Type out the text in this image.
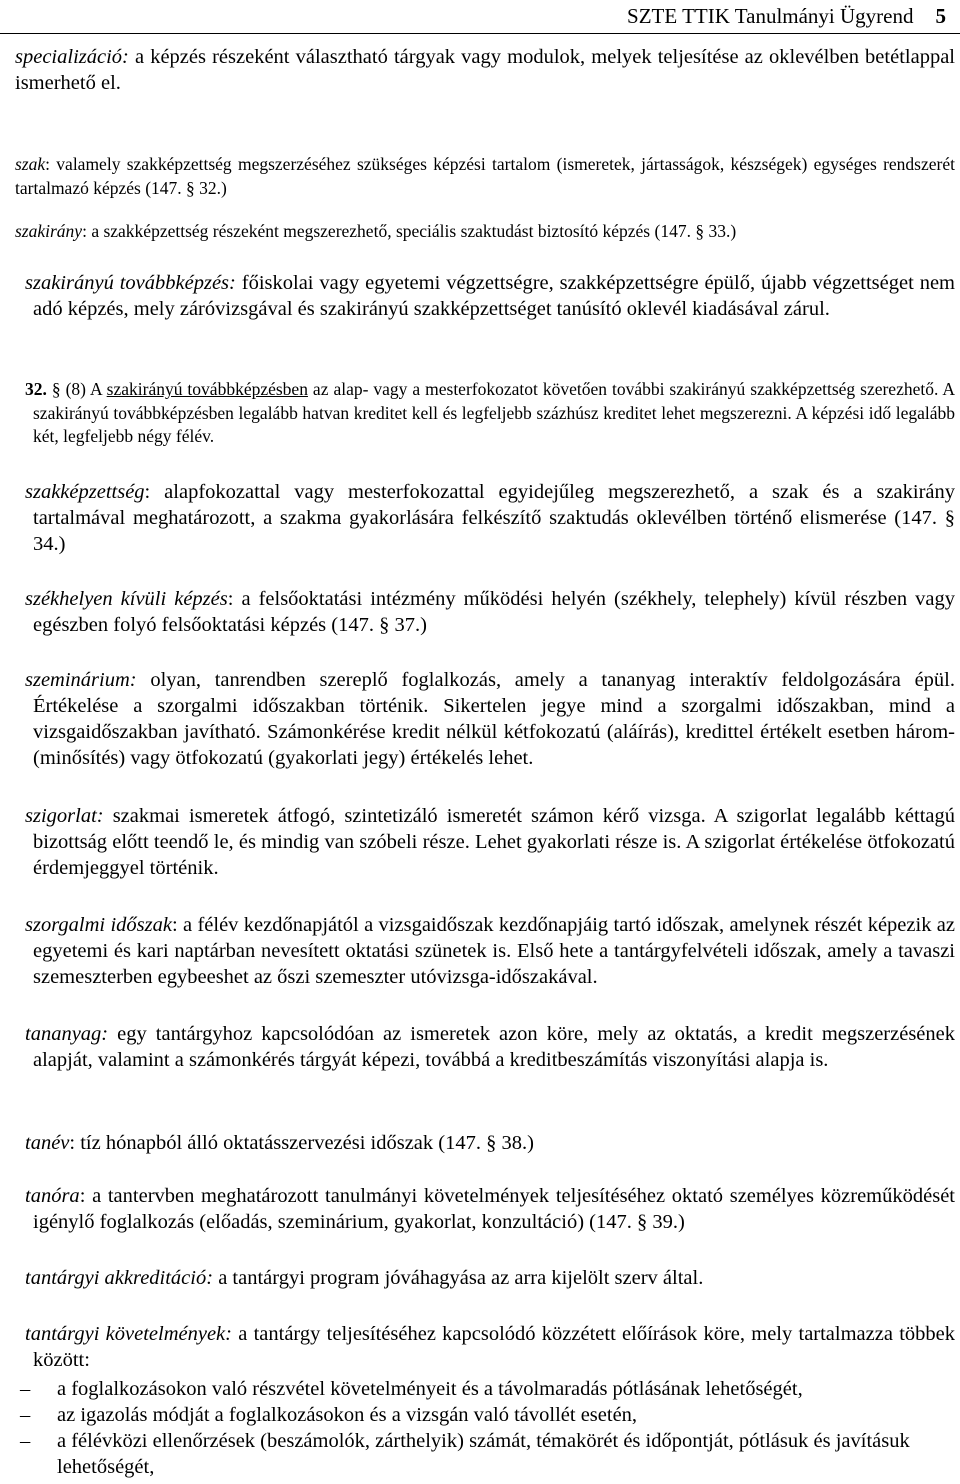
SZTE TTIK Tanulmányi Ügyrend 5
specializáció: a képzés részeként választható tárgyak vagy modulok, melyek teljesítése az oklevélben betétlappal ismerhető el.
szak: valamely szakképzettség megszerzéséhez szükséges képzési tartalom (ismeretek, jártasságok, készségek) egységes rendszerét tartalmazó képzés (147. § 32.)
szakirány: a szakképzettség részeként megszerezhető, speciális szaktudást biztosító képzés (147. § 33.)
szakirányú továbbképzés: főiskolai vagy egyetemi végzettségre, szakképzettségre épülő, újabb végzettséget nem adó képzés, mely záróvizsgával és szakirányú szakképzettséget tanúsító oklevél kiadásával zárul.
32. § (8) A szakirányú továbbképzésben az alap- vagy a mesterfokozatot követően további szakirányú szakképzettség szerezhető. A szakirányú továbbképzésben legalább hatvan kreditet kell és legfeljebb százhúsz kreditet lehet megszerezni. A képzési idő legalább két, legfeljebb négy félév.
szakképzettség: alapfokozattal vagy mesterfokozattal egyidejűleg megszerezhető, a szak és a szakirány tartalmával meghatározott, a szakma gyakorlására felkészítő szaktudás oklevélben történő elismerése (147. § 34.)
székhelyen kívüli képzés: a felsőoktatási intézmény működési helyén (székhely, telephely) kívül részben vagy egészben folyó felsőoktatási képzés (147. § 37.)
szeminárium: olyan, tanrendben szereplő foglalkozás, amely a tananyag interaktív feldolgozására épül. Értékelése a szorgalmi időszakban történik. Sikertelen jegye mind a szorgalmi időszakban, mind a vizsgaidőszakban javítható. Számonkérése kredit nélkül kétfokozatú (aláírás), kredittel értékelt esetben három- (minősítés) vagy ötfokozatú (gyakorlati jegy) értékelés lehet.
szigorlat: szakmai ismeretek átfogó, szintetizáló ismeretét számon kérő vizsga. A szigorlat legalább kéttagú bizottság előtt teendő le, és mindig van szóbeli része. Lehet gyakorlati része is. A szigorlat értékelése ötfokozatú érdemjeggyel történik.
szorgalmi időszak: a félév kezdőnapjától a vizsgaidőszak kezdőnapjáig tartó időszak, amelynek részét képezik az egyetemi és kari naptárban nevesített oktatási szünetek is. Első hete a tantárgyfelvételi időszak, amely a tavaszi szemeszterben egybeeshet az őszi szemeszter utóvizsga-időszakával.
tananyag: egy tantárgyhoz kapcsolódóan az ismeretek azon köre, mely az oktatás, a kredit megszerzésének alapját, valamint a számonkérés tárgyát képezi, továbbá a kreditbeszámítás viszonyítási alapja is.
tanév: tíz hónapból álló oktatásszervezési időszak (147. § 38.)
tanóra: a tantervben meghatározott tanulmányi követelmények teljesítéséhez oktató személyes közreműködését igénylő foglalkozás (előadás, szeminárium, gyakorlat, konzultáció) (147. § 39.)
tantárgyi akkreditáció: a tantárgyi program jóváhagyása az arra kijelölt szerv által.
tantárgyi követelmények: a tantárgy teljesítéséhez kapcsolódó közzétett előírások köre, mely tartalmazza többek között:
– a foglalkozásokon való részvétel követelményeit és a távolmaradás pótlásának lehetőségét,
– az igazolás módját a foglalkozásokon és a vizsgán való távollét esetén,
– a félévközi ellenőrzések (beszámolók, zárthelyik) számát, témakörét és időpontját, pótlásuk és javításuk lehetőségét,
